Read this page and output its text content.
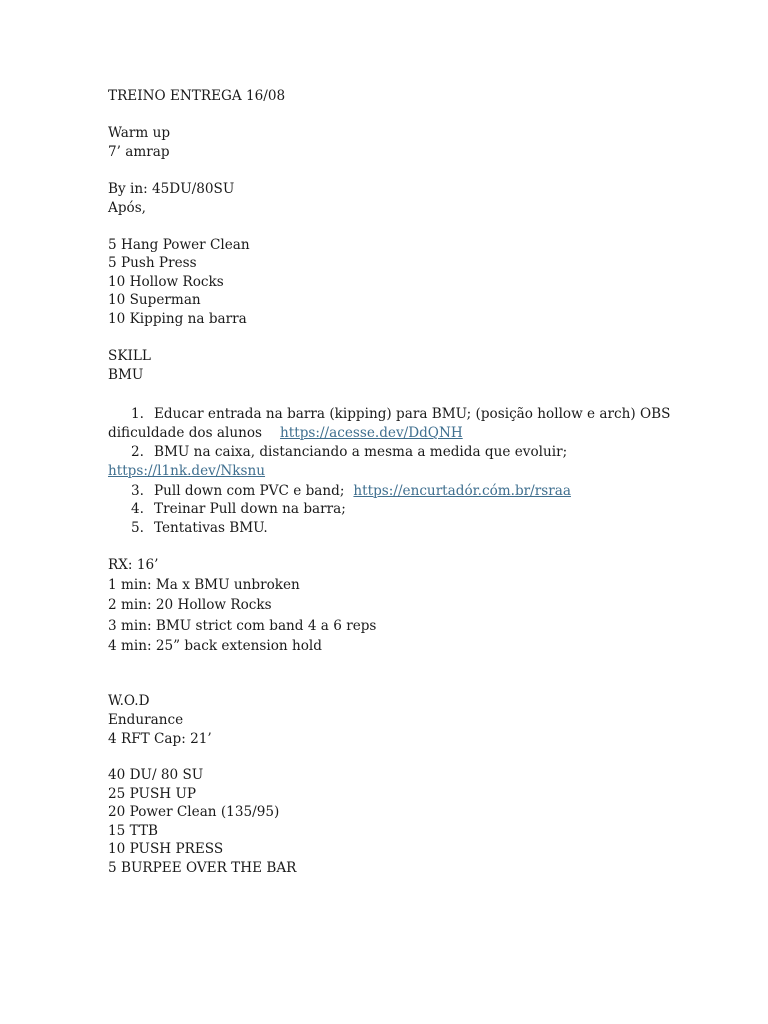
TREINO ENTREGA 16/08
Warm up
7’ amrap
By in: 45DU/80SU
Após,
5 Hang Power Clean
5 Push Press
10 Hollow Rocks
10 Superman
10 Kipping na barra
SKILL
BMU
1. Educar entrada na barra (kipping) para BMU; (posição hollow e arch) OBS
dificuldade dos alunos https://acesse.dev/DdQNH
2. BMU na caixa, distanciando a mesma a medida que evoluir;
https://l1nk.dev/Nksnu
3. Pull down com PVC e band; https://encurtadór.cóm.br/rsraa
4. Treinar Pull down na barra;
5. Tentativas BMU.
RX: 16’
1 min: Ma x BMU unbroken
2 min: 20 Hollow Rocks
3 min: BMU strict com band 4 a 6 reps
4 min: 25” back extension hold
W.O.D
Endurance
4 RFT Cap: 21’
40 DU/ 80 SU
25 PUSH UP
20 Power Clean (135/95)
15 TTB
10 PUSH PRESS
5 BURPEE OVER THE BAR
